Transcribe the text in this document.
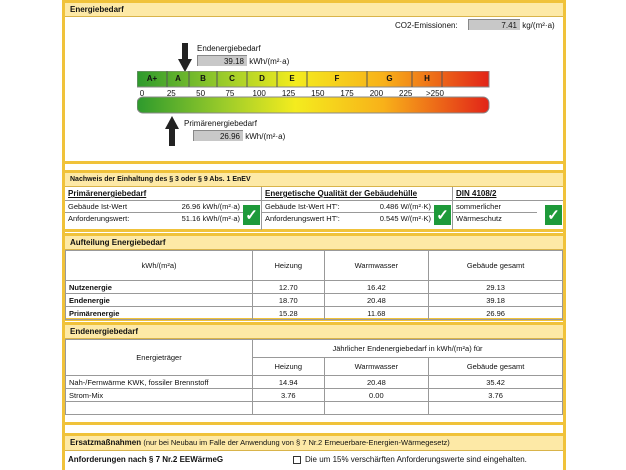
Energiebedarf
CO2-Emissionen:	7.41 kg/(m²·a)
Endenergiebedarf
39.18 kWh/(m²·a)
Primärenergiebedarf
26.96 kWh/(m²·a)
A+	A	B	C	D	E	F	G	H
0	25	50	75	100	125	150	175	200	225	>250
Nachweis der Einhaltung des § 3 oder § 9 Abs. 1 EnEV
Primärenergiebedarf
Gebäude Ist-Wert	26.96 kWh/(m²·a)
Anforderungswert:	51.16 kWh/(m²·a) ✓
Energetische Qualität der Gebäudehülle
Gebäude Ist-Wert HT':	0.486 W/(m²·K)
Anforderungswert HT':	0.545 W/(m²·K) ✓
DIN 4108/2
sommerlicher
Wärmeschutz	✓
Aufteilung Energiebedarf
kWh/(m²a)	Heizung	Warmwasser	Gebäude gesamt
Nutzenergie	12.70	16.42	29.13
Endenergie	18.70	20.48	39.18
Primärenergie	15.28	11.68	26.96
Endenergiebedarf
Energieträger	Jährlicher Endenergiebedarf in kWh/(m²a) für		
	Heizung	Warmwasser	Gebäude gesamt
Nah-/Fernwärme KWK, fossiler Brennstoff	14.94	20.48	35.42
Strom-Mix	3.76	0.00	3.76

Ersatzmaßnahmen (nur bei Neubau im Falle der Anwendung von § 7 Nr.2 Erneuerbare-Energien-Wärmegesetz)
Anforderungen nach § 7 Nr.2 EEWärmeG	Die um 15% verschärften Anforderungswerte sind eingehalten.
